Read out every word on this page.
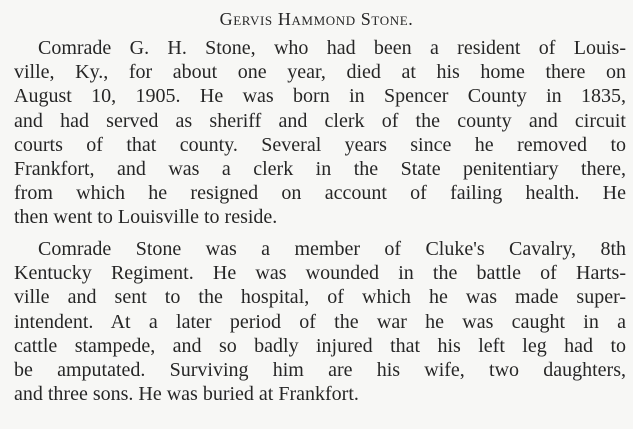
Gervis Hammond Stone.
Comrade G. H. Stone, who had been a resident of Louis-
ville, Ky., for about one year, died at his home there on
August 10, 1905. He was born in Spencer County in 1835,
and had served as sheriff and clerk of the county and circuit
courts of that county. Several years since he removed to
Frankfort, and was a clerk in the State penitentiary there,
from which he resigned on account of failing health. He
then went to Louisville to reside.
Comrade Stone was a member of Cluke's Cavalry, 8th
Kentucky Regiment. He was wounded in the battle of Harts-
ville and sent to the hospital, of which he was made super-
intendent. At a later period of the war he was caught in a
cattle stampede, and so badly injured that his left leg had to
be amputated. Surviving him are his wife, two daughters,
and three sons. He was buried at Frankfort.
